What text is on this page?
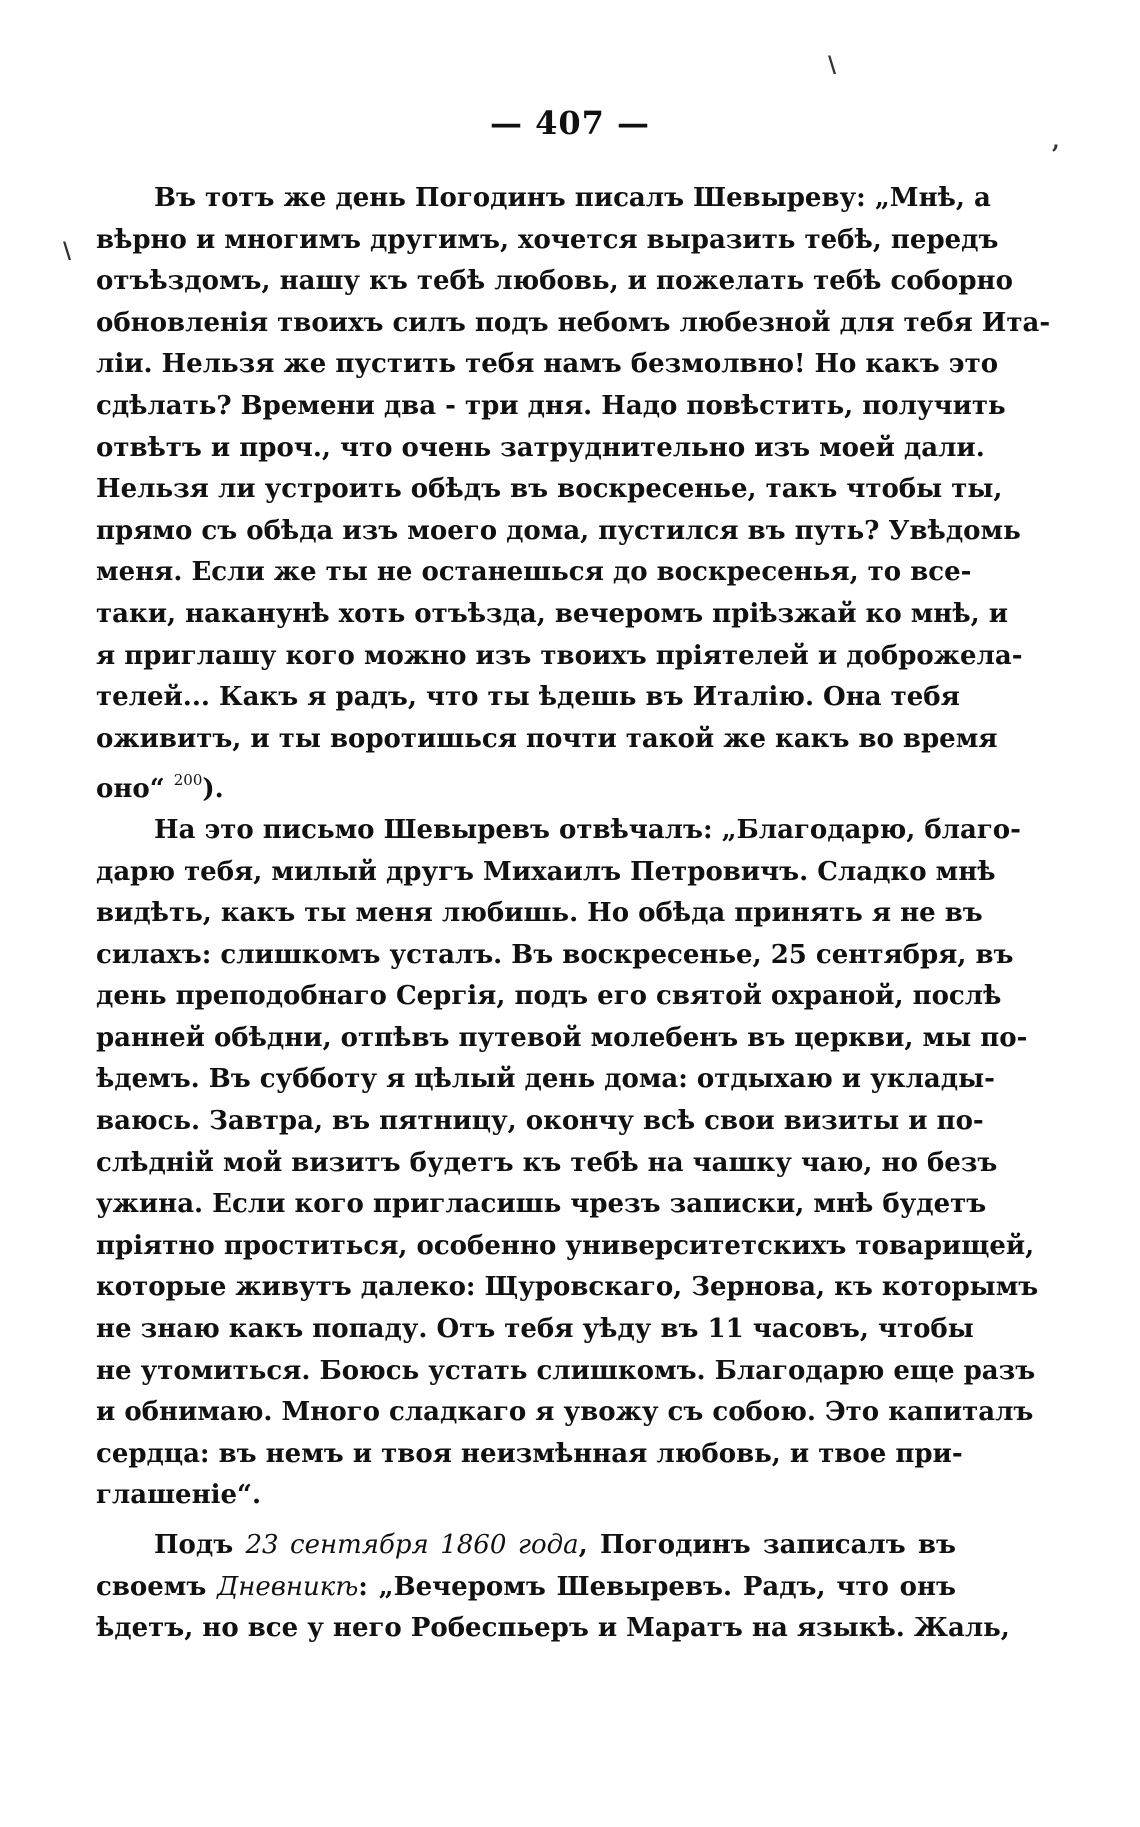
— 407 —
\
,
\
Въ тотъ же день Погодинъ писалъ Шевыреву: „Мнѣ, а
вѣрно и многимъ другимъ, хочется выразить тебѣ, передъ
отъѣздомъ, нашу къ тебѣ любовь, и пожелать тебѣ соборно
обновленія твоихъ силъ подъ небомъ любезной для тебя Ита-
ліи. Нельзя же пустить тебя намъ безмолвно! Но какъ это
сдѣлать? Времени два - три дня. Надо повѣстить, получить
отвѣтъ и проч., что очень затруднительно изъ моей дали.
Нельзя ли устроить обѣдъ въ воскресенье, такъ чтобы ты,
прямо съ обѣда изъ моего дома, пустился въ путь? Увѣдомь
меня. Если же ты не останешься до воскресенья, то все-
таки, наканунѣ хоть отъѣзда, вечеромъ пріѣзжай ко мнѣ, и
я приглашу кого можно изъ твоихъ пріятелей и доброжела-
телей... Какъ я радъ, что ты ѣдешь въ Италію. Она тебя
оживитъ, и ты воротишься почти такой же какъ во время
оно“ $^{200}$).
На это письмо Шевыревъ отвѣчалъ: „Благодарю, благо-
дарю тебя, милый другъ Михаилъ Петровичъ. Сладко мнѣ
видѣть, какъ ты меня любишь. Но обѣда принять я не въ
силахъ: слишкомъ усталъ. Въ воскресенье, 25 сентября, въ
день преподобнаго Сергія, подъ его святой охраной, послѣ
ранней обѣдни, отпѣвъ путевой молебенъ въ церкви, мы по-
ѣдемъ. Въ субботу я цѣлый день дома: отдыхаю и уклады-
ваюсь. Завтра, въ пятницу, окончу всѣ свои визиты и по-
слѣдній мой визитъ будетъ къ тебѣ на чашку чаю, но безъ
ужина. Если кого пригласишь чрезъ записки, мнѣ будетъ
пріятно проститься, особенно университетскихъ товарищей,
которые живутъ далеко: Щуровскаго, Зернова, къ которымъ
не знаю какъ попаду. Отъ тебя уѣду въ 11 часовъ, чтобы
не утомиться. Боюсь устать слишкомъ. Благодарю еще разъ
и обнимаю. Много сладкаго я увожу съ собою. Это капиталъ
сердца: въ немъ и твоя неизмѣнная любовь, и твое при-
глашеніе“.
Подъ 23 сентября 1860 года, Погодинъ записалъ въ
своемъ Дневникѣ: „Вечеромъ Шевыревъ. Радъ, что онъ
ѣдетъ, но все у него Робеспьеръ и Маратъ на языкѣ. Жаль,
